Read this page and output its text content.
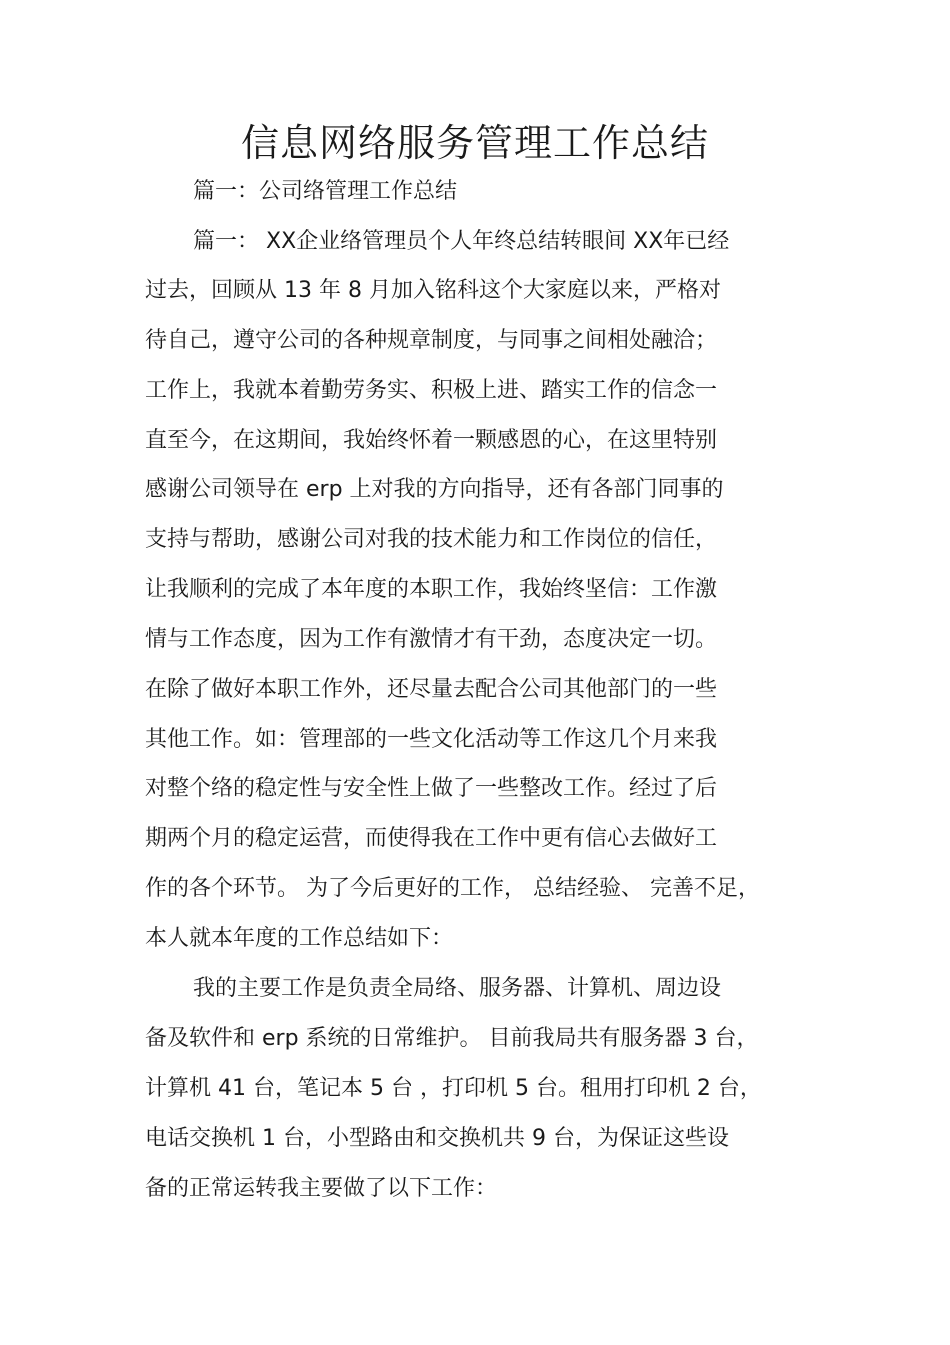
信息网络服务管理工作总结

篇一：公司络管理工作总结

篇一： XX企业络管理员个人年终总结转眼间 XX年已经

过去，回顾从 13 年 8 月加入铭科这个大家庭以来，严格对

待自己，遵守公司的各种规章制度，与同事之间相处融洽；

工作上，我就本着勤劳务实、积极上进、踏实工作的信念一

直至今，在这期间，我始终怀着一颗感恩的心，在这里特别

感谢公司领导在 erp 上对我的方向指导，还有各部门同事的

支持与帮助，感谢公司对我的技术能力和工作岗位的信任，

让我顺利的完成了本年度的本职工作，我始终坚信：工作激

情与工作态度，因为工作有激情才有干劲，态度决定一切。

在除了做好本职工作外，还尽量去配合公司其他部门的一些

其他工作。如：管理部的一些文化活动等工作这几个月来我

对整个络的稳定性与安全性上做了一些整改工作。经过了后

期两个月的稳定运营，而使得我在工作中更有信心去做好工

作的各个环节。 为了今后更好的工作， 总结经验、 完善不足，

本人就本年度的工作总结如下：

我的主要工作是负责全局络、服务器、计算机、周边设

备及软件和 erp 系统的日常维护。 目前我局共有服务器 3 台，

计算机 41 台，笔记本 5 台 ，打印机 5 台。租用打印机 2 台，

电话交换机 1 台，小型路由和交换机共 9 台，为保证这些设

备的正常运转我主要做了以下工作：
